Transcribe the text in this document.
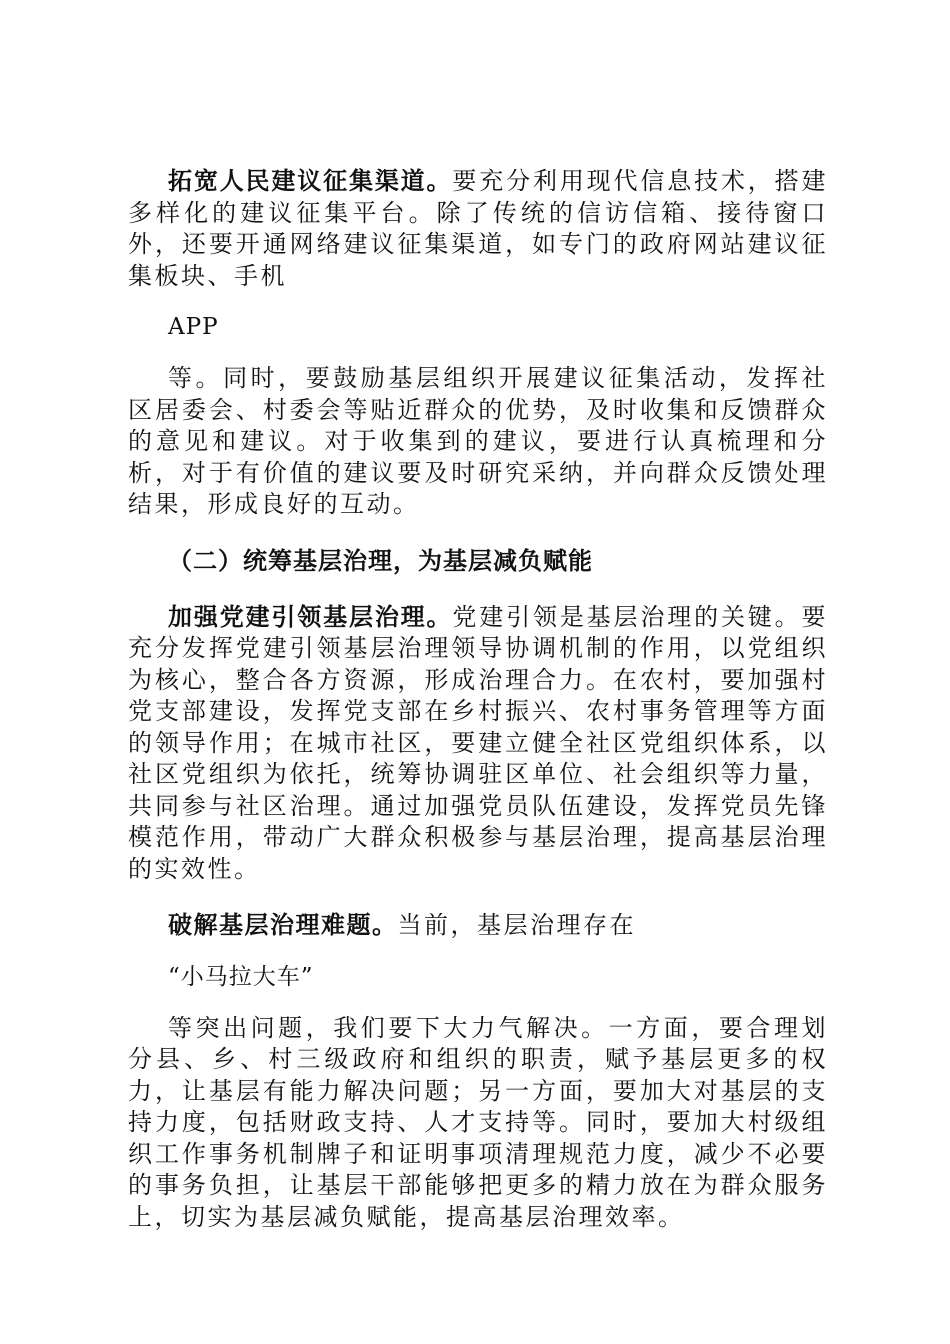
拓宽人民建议征集渠道。要充分利用现代信息技术，搭建多样化的建议征集平台。除了传统的信访信箱、接待窗口外，还要开通网络建议征集渠道，如专门的政府网站建议征集板块、手机

APP

等。同时，要鼓励基层组织开展建议征集活动，发挥社区居委会、村委会等贴近群众的优势，及时收集和反馈群众的意见和建议。对于收集到的建议，要进行认真梳理和分析，对于有价值的建议要及时研究采纳，并向群众反馈处理结果，形成良好的互动。

（二）统筹基层治理，为基层减负赋能

加强党建引领基层治理。党建引领是基层治理的关键。要充分发挥党建引领基层治理领导协调机制的作用，以党组织为核心，整合各方资源，形成治理合力。在农村，要加强村党支部建设，发挥党支部在乡村振兴、农村事务管理等方面的领导作用；在城市社区，要建立健全社区党组织体系，以社区党组织为依托，统筹协调驻区单位、社会组织等力量，共同参与社区治理。通过加强党员队伍建设，发挥党员先锋模范作用，带动广大群众积极参与基层治理，提高基层治理的实效性。

破解基层治理难题。当前，基层治理存在

“小马拉大车”

等突出问题，我们要下大力气解决。一方面，要合理划分县、乡、村三级政府和组织的职责，赋予基层更多的权力，让基层有能力解决问题；另一方面，要加大对基层的支持力度，包括财政支持、人才支持等。同时，要加大村级组织工作事务机制牌子和证明事项清理规范力度，减少不必要的事务负担，让基层干部能够把更多的精力放在为群众服务上，切实为基层减负赋能，提高基层治理效率。
